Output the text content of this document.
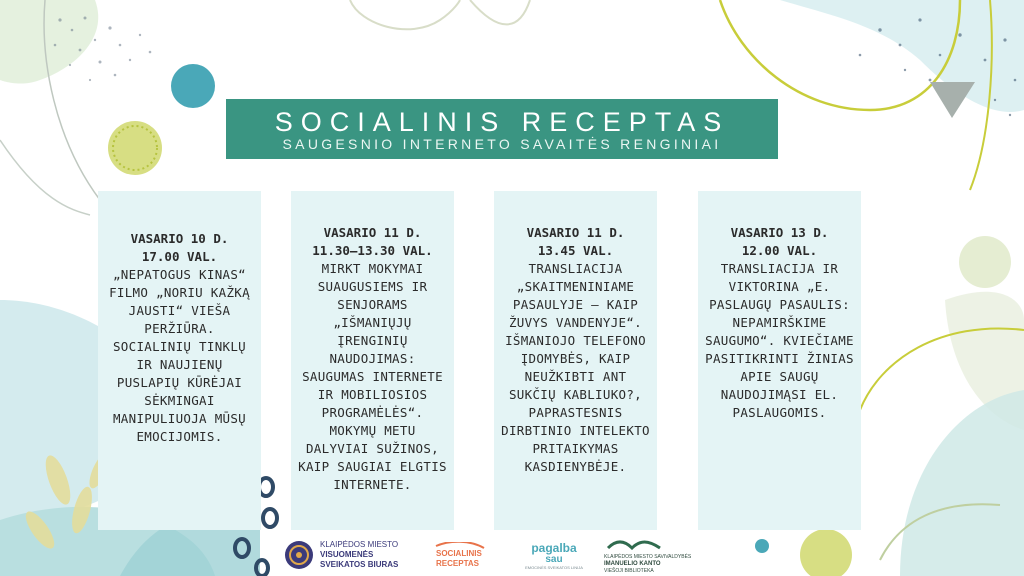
SOCIALINIS RECEPTAS
SAUGESNIO INTERNETO SAVAITĖS RENGINIAI
VASARIO 10 D.
17.00 VAL.
„NEPATOGUS KINAS“ FILMO „NORIU KAŽKĄ JAUSTI“ VIEŠA PERŽIŪRA. SOCIALINIŲ TINKLŲ IR NAUJIENŲ PUSLAPIŲ KŪRĖJAI SĖKMINGAI MANIPULIUOJA MŪSŲ EMOCIJOMIS.
VASARIO 11 D.
11.30–13.30 VAL.
MIRKT MOKYMAI SUAUGUSIEMS IR SENJORAMS „IŠMANIŲJŲ ĮRENGINIŲ NAUDOJIMAS: SAUGUMAS INTERNETE IR MOBILIOSIOS PROGRAMĖLĖS“. MOKYMŲ METU DALYVIAI SUŽINOS, KAIP SAUGIAI ELGTIS INTERNETE.
VASARIO 11 D.
13.45 VAL.
TRANSLIACIJA „SKAITMENINIAME PASAULYJE – KAIP ŽUVYS VANDENYJE“. IŠMANIOJO TELEFONO ĮDOMYBĖS, KAIP NEUŽKIBTI ANT SUKČIŲ KABLIUKO?, PAPRASTESNIS DIRBTINIO INTELEKTO PRITAIKYMAS KASDIENYBĖJE.
VASARIO 13 D.
12.00 VAL.
TRANSLIACIJA IR VIKTORINA „E. PASLAUGŲ PASAULIS: NEPAMIRŠKIME SAUGUMO“. KVIEČIAME PASITIKRINTI ŽINIAS APIE SAUGŲ NAUDOJIMĄSI EL. PASLAUGOMIS.
KLAIPĖDOS MIESTO
VISUOMENĖS
SVEIKATOS BIURAS
SOCIALINIS
RECEPTAS
pagalba
sau
EMOCINĖS SVEIKATOS LINIJA
KLAIPĖDOS MIESTO SAVIVALDYBĖS
IMANUELIO KANTO
VIEŠOJI BIBLIOTEKA
